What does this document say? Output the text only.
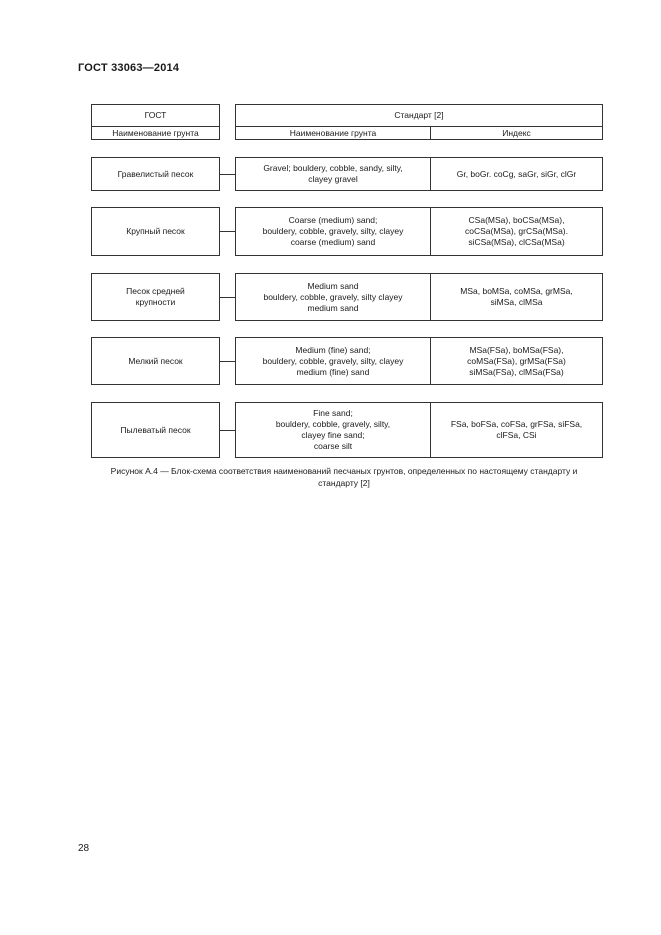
ГОСТ 33063—2014
ГОСТ
Наименование грунта
Стандарт [2]
Наименование грунта	Индекс
Гравелистый песок
Gravel; bouldery, cobble, sandy, silty,
clayey gravel
Gr, boGr. coCg, saGr, siGr, clGr
Крупный песок
Coarse (medium) sand;
bouldery, cobble, gravely, silty, clayey
coarse (medium) sand
CSa(MSa), boCSa(MSa),
coCSa(MSa), grCSa(MSa).
siCSa(MSa), clCSa(MSa)
Песок средней
крупности
Medium sand
bouldery, cobble, gravely, silty clayey
medium sand
MSa, boMSa, coMSa, grMSa,
siMSa, clMSa
Мелкий песок
Medium (fine) sand;
bouldery, cobble, gravely, silty, clayey
medium (fine) sand
MSa(FSa), boMSa(FSa),
coMSa(FSa), grMSa(FSa)
siMSa(FSa), clMSa(FSa)
Пылеватый песок
Fine sand;
bouldery, cobble, gravely, silty,
clayey fine sand;
coarse silt
FSa, boFSa, coFSa, grFSa, siFSa,
clFSa, CSi
Рисунок А.4 — Блок-схема соответствия наименований песчаных грунтов, определенных по настоящему стандарту и стандарту [2]
28
